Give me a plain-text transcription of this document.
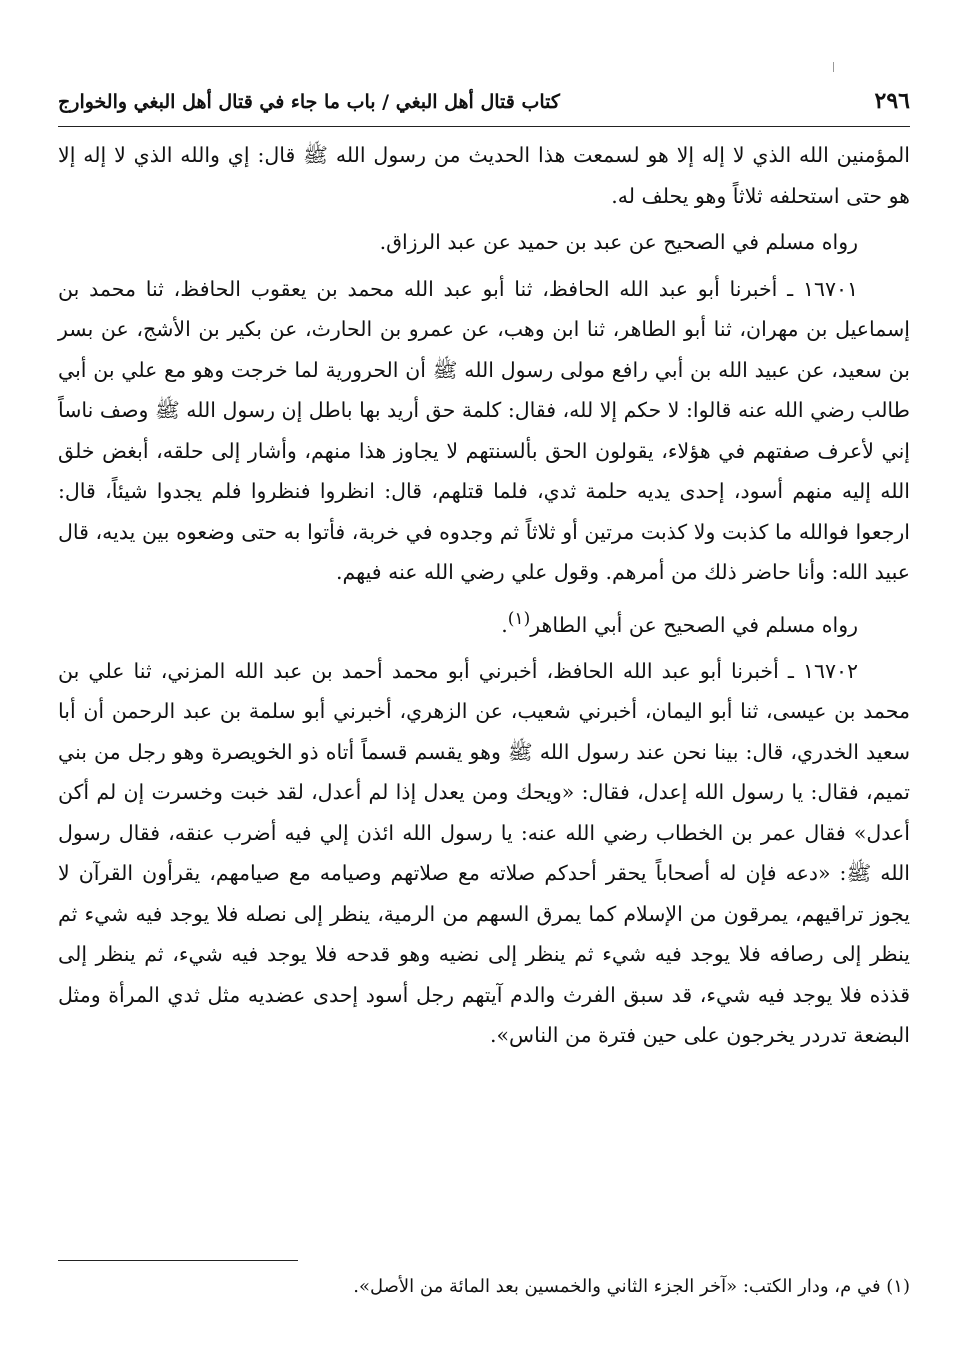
٢٩٦
كتاب قتال أهل البغي / باب ما جاء في قتال أهل البغي والخوارج

المؤمنين الله الذي لا إله إلا هو لسمعت هذا الحديث من رسول الله ﷺ قال: إي والله الذي لا إله إلا هو حتى استحلفه ثلاثاً وهو يحلف له.

رواه مسلم في الصحيح عن عبد بن حميد عن عبد الرزاق.

١٦٧٠١ ـ أخبرنا أبو عبد الله الحافظ، ثنا أبو عبد الله محمد بن يعقوب الحافظ، ثنا محمد بن إسماعيل بن مهران، ثنا أبو الطاهر، ثنا ابن وهب، عن عمرو بن الحارث، عن بكير بن الأشج، عن بسر بن سعيد، عن عبيد الله بن أبي رافع مولى رسول الله ﷺ أن الحرورية لما خرجت وهو مع علي بن أبي طالب رضي الله عنه قالوا: لا حكم إلا لله، فقال: كلمة حق أريد بها باطل إن رسول الله ﷺ وصف ناساً إني لأعرف صفتهم في هؤلاء، يقولون الحق بألسنتهم لا يجاوز هذا منهم، وأشار إلى حلقه، أبغض خلق الله إليه منهم أسود، إحدى يديه حلمة ثدي، فلما قتلهم، قال: انظروا فنظروا فلم يجدوا شيئاً، قال: ارجعوا فوالله ما كذبت ولا كذبت مرتين أو ثلاثاً ثم وجدوه في خربة، فأتوا به حتى وضعوه بين يديه، قال عبيد الله: وأنا حاضر ذلك من أمرهم. وقول علي رضي الله عنه فيهم.

رواه مسلم في الصحيح عن أبي الطاهر$^{(١)}$.

١٦٧٠٢ ـ أخبرنا أبو عبد الله الحافظ، أخبرني أبو محمد أحمد بن عبد الله المزني، ثنا علي بن محمد بن عيسى، ثنا أبو اليمان، أخبرني شعيب، عن الزهري، أخبرني أبو سلمة بن عبد الرحمن أن أبا سعيد الخدري، قال: بينا نحن عند رسول الله ﷺ وهو يقسم قسماً أتاه ذو الخويصرة وهو رجل من بني تميم، فقال: يا رسول الله إعدل، فقال: «ويحك ومن يعدل إذا لم أعدل، لقد خبت وخسرت إن لم أكن أعدل» فقال عمر بن الخطاب رضي الله عنه: يا رسول الله ائذن إلي فيه أضرب عنقه، فقال رسول الله ﷺ: «دعه فإن له أصحاباً يحقر أحدكم صلاته مع صلاتهم وصيامه مع صيامهم، يقرأون القرآن لا يجوز تراقيهم، يمرقون من الإسلام كما يمرق السهم من الرمية، ينظر إلى نصله فلا يوجد فيه شيء ثم ينظر إلى رصافه فلا يوجد فيه شيء ثم ينظر إلى نضيه وهو قدحه فلا يوجد فيه شيء، ثم ينظر إلى قذذه فلا يوجد فيه شيء، قد سبق الفرث والدم آيتهم رجل أسود إحدى عضديه مثل ثدي المرأة ومثل البضعة تدردر يخرجون على حين فترة من الناس».

(١) في م، ودار الكتب: «آخر الجزء الثاني والخمسين بعد المائة من الأصل».
